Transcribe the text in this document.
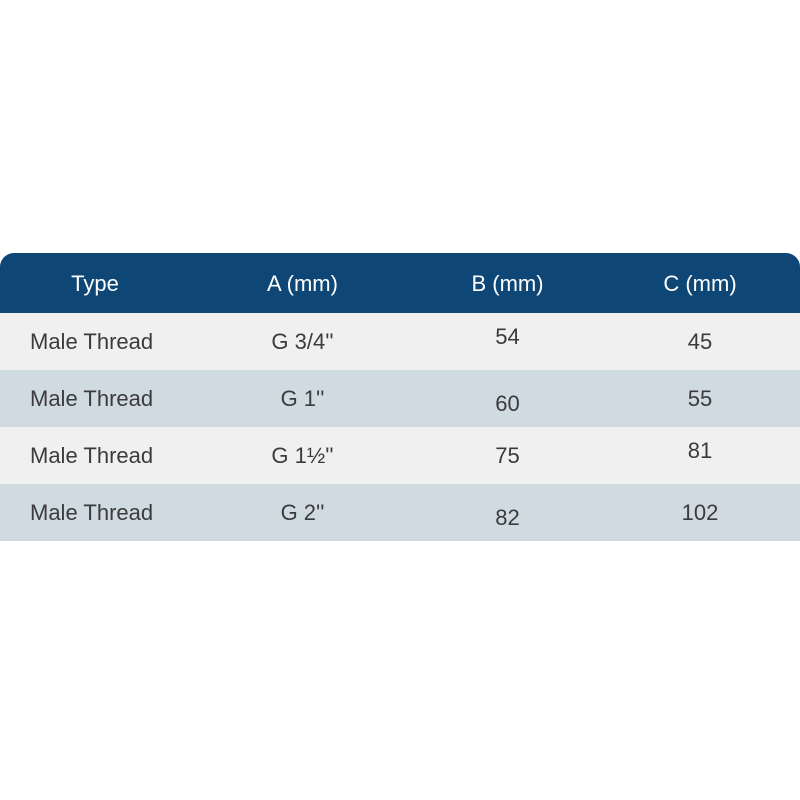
Type	A (mm)	B (mm)	C (mm)
Male Thread	G 3/4''	54	45
Male Thread	G 1''	60	55
Male Thread	G 1½''	75	81
Male Thread	G 2''	82	102
